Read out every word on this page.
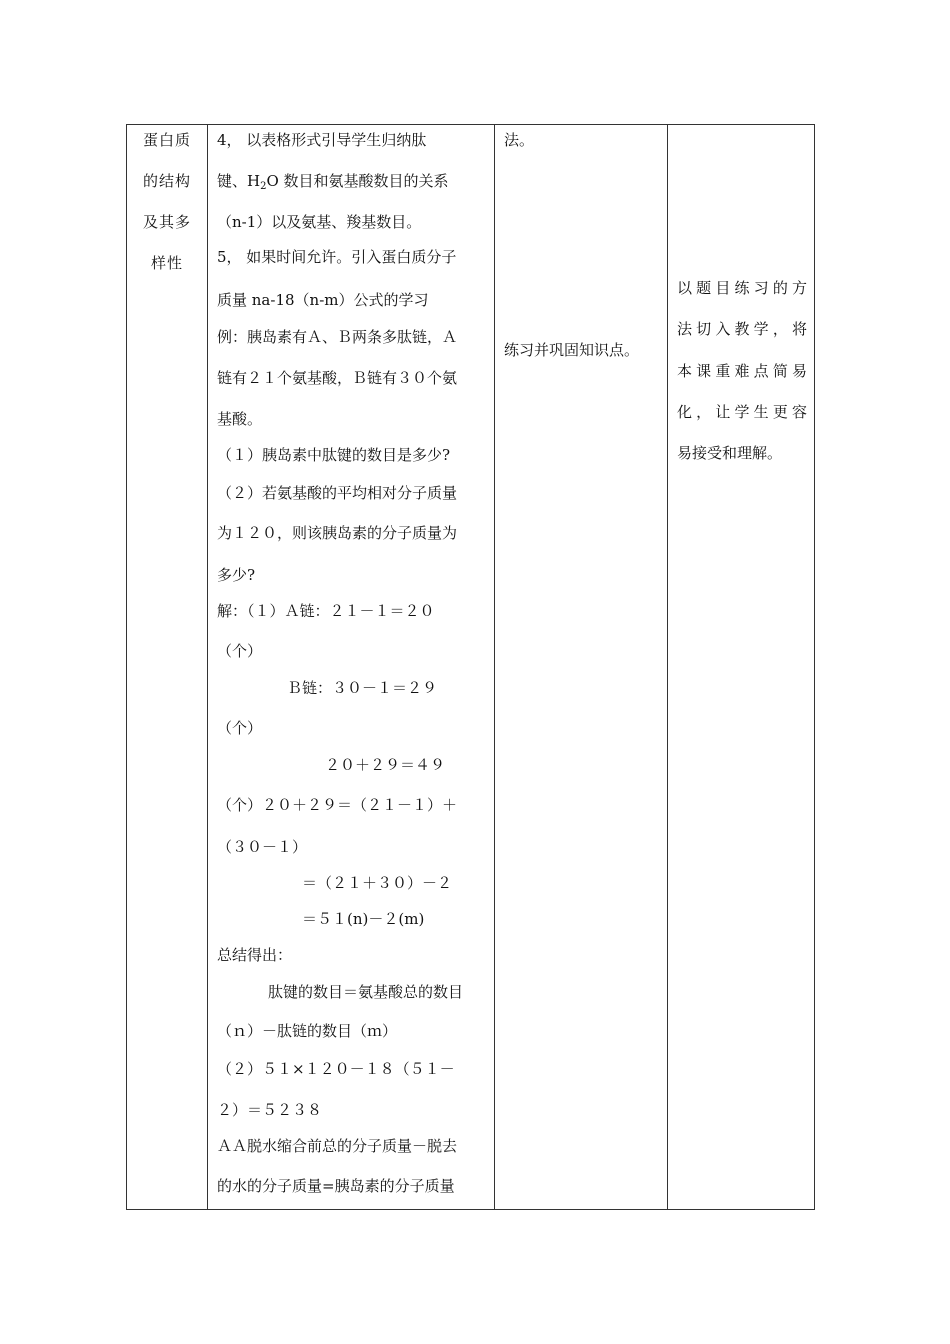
蛋白质
的结构
及其多
样性
4， 以表格形式引导学生归纳肽
键、$H_2O$ 数目和氨基酸数目的关系
（n-1）以及氨基、羧基数目。
5， 如果时间允许。引入蛋白质分子
质量 na-18（n-m）公式的学习
例：胰岛素有Ａ、Ｂ两条多肽链，Ａ
链有２１个氨基酸，Ｂ链有３０个氨
基酸。
（１）胰岛素中肽键的数目是多少?
（２）若氨基酸的平均相对分子质量
为１２０，则该胰岛素的分子质量为
多少?
解：（１）Ａ链：２１－１＝２０
（个）
Ｂ链：３０－１＝２９
（个）
２０＋２９＝４９
（个）２０＋２９＝（２１－１）＋
（３０－１）
＝（２１＋３０）－２
＝５１(n)－２(m)
总结得出：
肽键的数目＝氨基酸总的数目
（ｎ）－肽链的数目（ｍ）
（２）５１×１２０－１８（５１－
２）＝５２３８
ＡＡ脱水缩合前总的分子质量－脱去
的水的分子质量=胰岛素的分子质量
法。
练习并巩固知识点。
以题目练习的方
法切入教学，将
本课重难点简易
化，让学生更容
易接受和理解。
